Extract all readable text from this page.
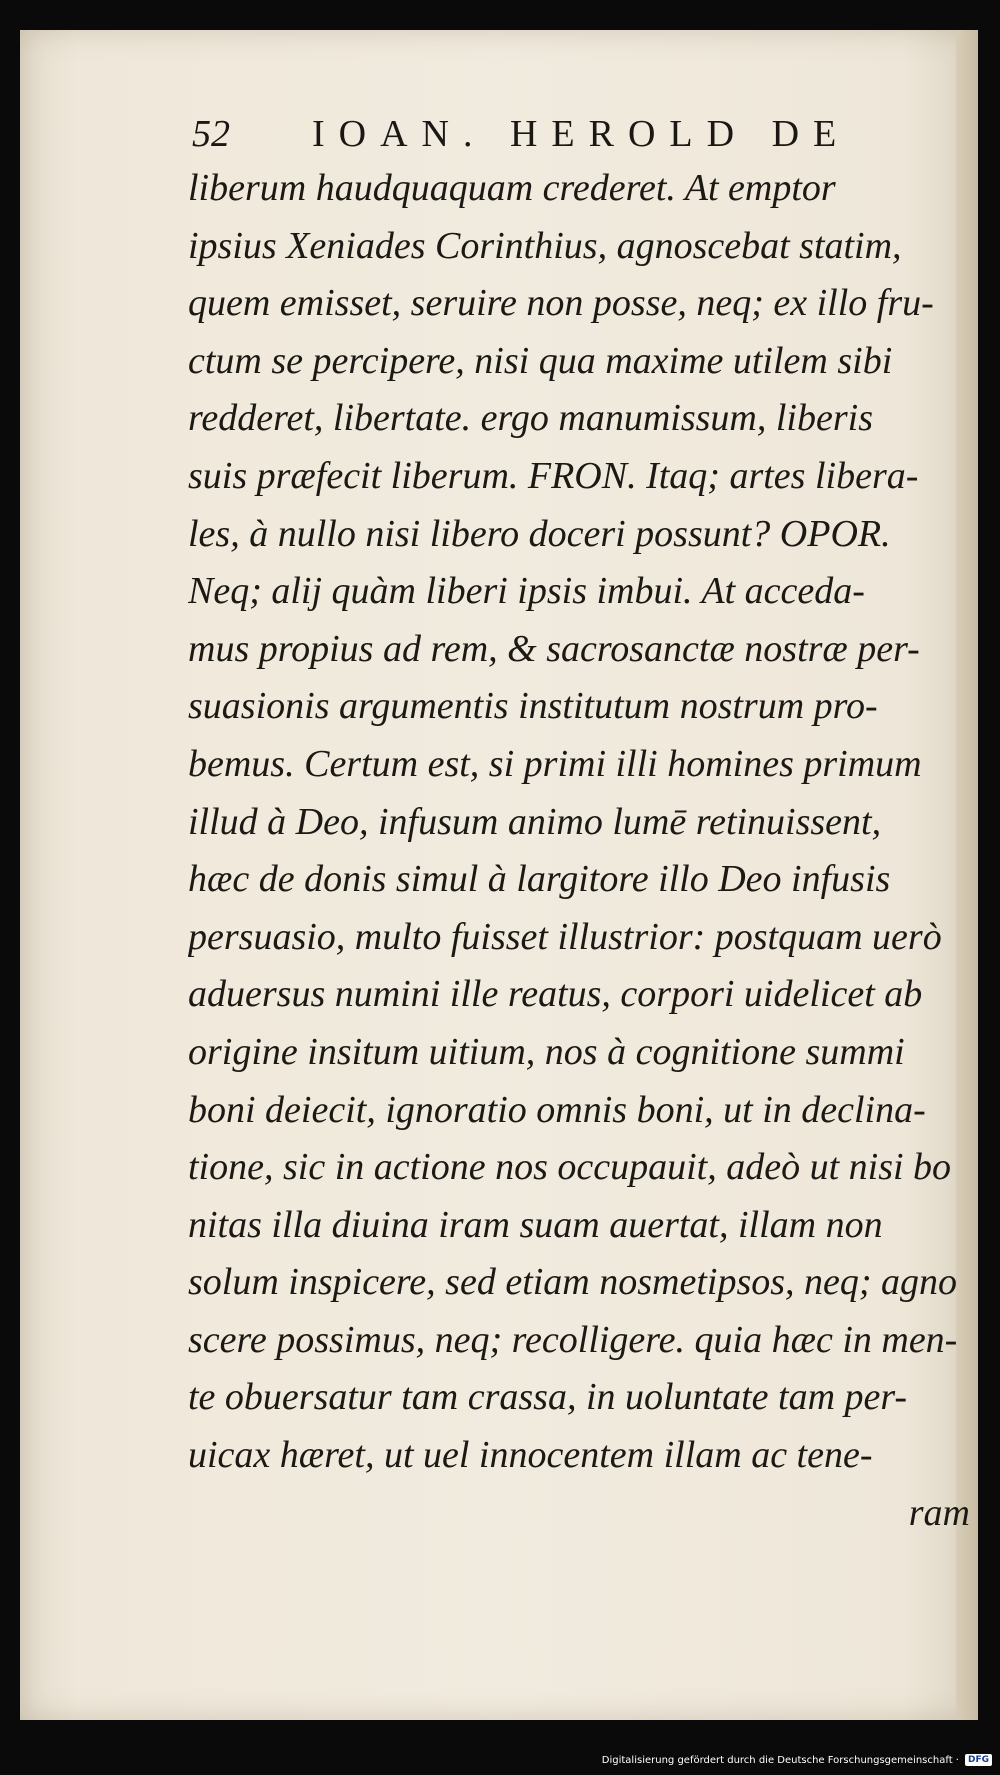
52 IOAN. HEROLD DE
liberum haudquaquam crederet. At emptor
ipsius Xeniades Corinthius, agnoscebat statim,
quem emisset, seruire non posse, neq; ex illo fru-
ctum se percipere, nisi qua maxime utilem sibi
redderet, libertate. ergo manumissum, liberis
suis præfecit liberum. FRON. Itaq; artes libera-
les, à nullo nisi libero doceri possunt? OPOR.
Neq; alij quàm liberi ipsis imbui. At acceda-
mus propius ad rem, & sacrosanctæ nostræ per-
suasionis argumentis institutum nostrum pro-
bemus. Certum est, si primi illi homines primum
illud à Deo, infusum animo lumē retinuissent,
hæc de donis simul à largitore illo Deo infusis
persuasio, multo fuisset illustrior: postquam uerò
aduersus numini ille reatus, corpori uidelicet ab
origine insitum uitium, nos à cognitione summi
boni deiecit, ignoratio omnis boni, ut in declina-
tione, sic in actione nos occupauit, adeò ut nisi bo
nitas illa diuina iram suam auertat, illam non
solum inspicere, sed etiam nosmetipsos, neq; agno
scere possimus, neq; recolligere. quia hæc in men-
te obuersatur tam crassa, in uoluntate tam per-
uicax hæret, ut uel innocentem illam ac tene-
ram
Digitalisierung gefördert durch die Deutsche Forschungsgemeinschaft ·	DFG
